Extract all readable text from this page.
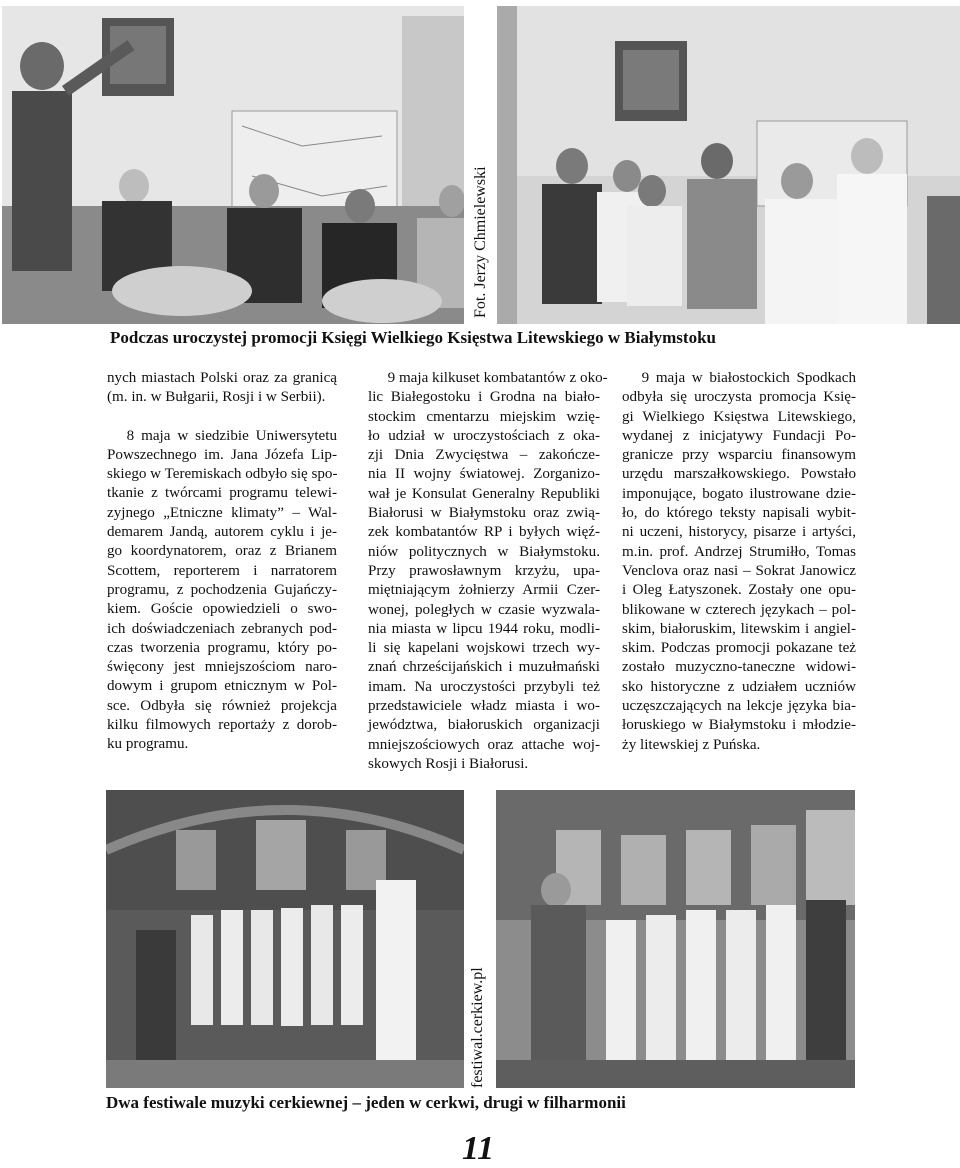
Fot. Jerzy Chmielewski
festiwal.cerkiew.pl
Podczas uroczystej promocji Księgi Wielkiego Księstwa Litewskiego w Białymstoku

nych miastach Polski oraz za granicą
(m. in. w Bułgarii, Rosji i w Serbii).

8 maja w siedzibie Uniwersytetu
Powszechnego im. Jana Józefa Lip-
skiego w Teremiskach odbyło się spo-
tkanie z twórcami programu telewi-
zyjnego „Etniczne klimaty” – Wal-
demarem Jandą, autorem cyklu i je-
go koordynatorem, oraz z Brianem
Scottem, reporterem i narratorem
programu, z pochodzenia Gujańczy-
kiem. Goście opowiedzieli o swo-
ich doświadczeniach zebranych pod-
czas tworzenia programu, który po-
święcony jest mniejszościom naro-
dowym i grupom etnicznym w Pol-
sce. Odbyła się również projekcja
kilku filmowych reportaży z dorob-
ku programu.

9 maja kilkuset kombatantów z oko-
lic Białegostoku i Grodna na biało-
stockim cmentarzu miejskim wzię-
ło udział w uroczystościach z oka-
zji Dnia Zwycięstwa – zakończe-
nia II wojny światowej. Zorganizo-
wał je Konsulat Generalny Republiki
Białorusi w Białymstoku oraz zwią-
zek kombatantów RP i byłych więź-
niów politycznych w Białymstoku.
Przy prawosławnym krzyżu, upa-
miętniającym żołnierzy Armii Czer-
wonej, poległych w czasie wyzwala-
nia miasta w lipcu 1944 roku, modli-
li się kapelani wojskowi trzech wy-
znań chrześcijańskich i muzułmański
imam. Na uroczystości przybyli też
przedstawiciele władz miasta i wo-
jewództwa, białoruskich organizacji
mniejszościowych oraz attache woj-
skowych Rosji i Białorusi.

9 maja w białostockich Spodkach
odbyła się uroczysta promocja Księ-
gi Wielkiego Księstwa Litewskiego,
wydanej z inicjatywy Fundacji Po-
granicze przy wsparciu finansowym
urzędu marszałkowskiego. Powstało
imponujące, bogato ilustrowane dzie-
ło, do którego teksty napisali wybit-
ni uczeni, historycy, pisarze i artyści,
m.in. prof. Andrzej Strumiłło, Tomas
Venclova oraz nasi – Sokrat Janowicz
i Oleg Łatyszonek. Zostały one opu-
blikowane w czterech językach – pol-
skim, białoruskim, litewskim i angiel-
skim. Podczas promocji pokazane też
zostało muzyczno-taneczne widowi-
sko historyczne z udziałem uczniów
uczęszczających na lekcje języka bia-
łoruskiego w Białymstoku i młodzie-
ży litewskiej z Puńska.

Dwa festiwale muzyki cerkiewnej – jeden w cerkwi, drugi w filharmonii
11
